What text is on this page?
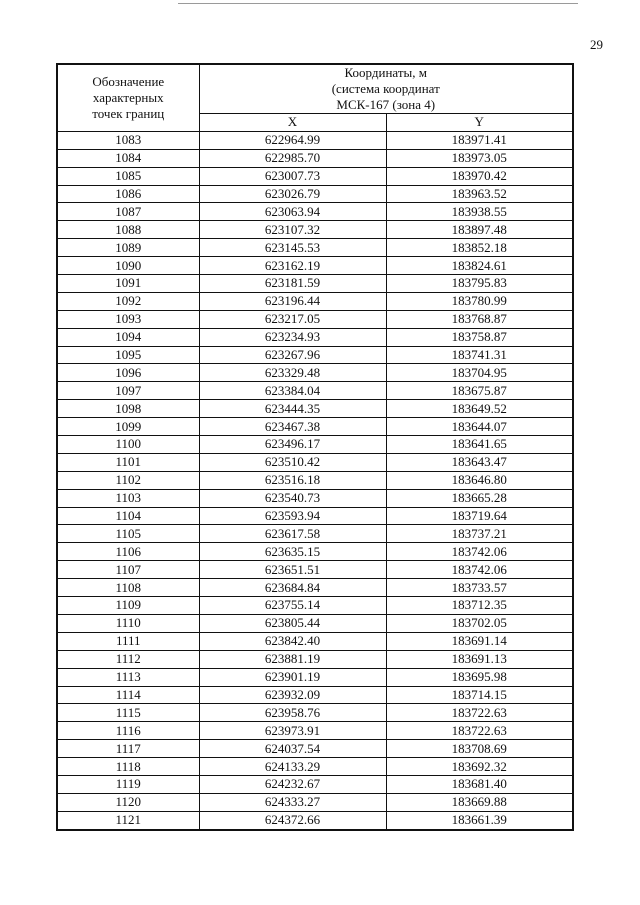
29
Обозначение
характерных
точек границ	Координаты, м
(система координат
МСК-167 (зона 4)	

	X	Y
1083	622964.99	183971.41
1084	622985.70	183973.05
1085	623007.73	183970.42
1086	623026.79	183963.52
1087	623063.94	183938.55
1088	623107.32	183897.48
1089	623145.53	183852.18
1090	623162.19	183824.61
1091	623181.59	183795.83
1092	623196.44	183780.99
1093	623217.05	183768.87
1094	623234.93	183758.87
1095	623267.96	183741.31
1096	623329.48	183704.95
1097	623384.04	183675.87
1098	623444.35	183649.52
1099	623467.38	183644.07
1100	623496.17	183641.65
1101	623510.42	183643.47
1102	623516.18	183646.80
1103	623540.73	183665.28
1104	623593.94	183719.64
1105	623617.58	183737.21
1106	623635.15	183742.06
1107	623651.51	183742.06
1108	623684.84	183733.57
1109	623755.14	183712.35
1110	623805.44	183702.05
1111	623842.40	183691.14
1112	623881.19	183691.13
1113	623901.19	183695.98
1114	623932.09	183714.15
1115	623958.76	183722.63
1116	623973.91	183722.63
1117	624037.54	183708.69
1118	624133.29	183692.32
1119	624232.67	183681.40
1120	624333.27	183669.88
1121	624372.66	183661.39
